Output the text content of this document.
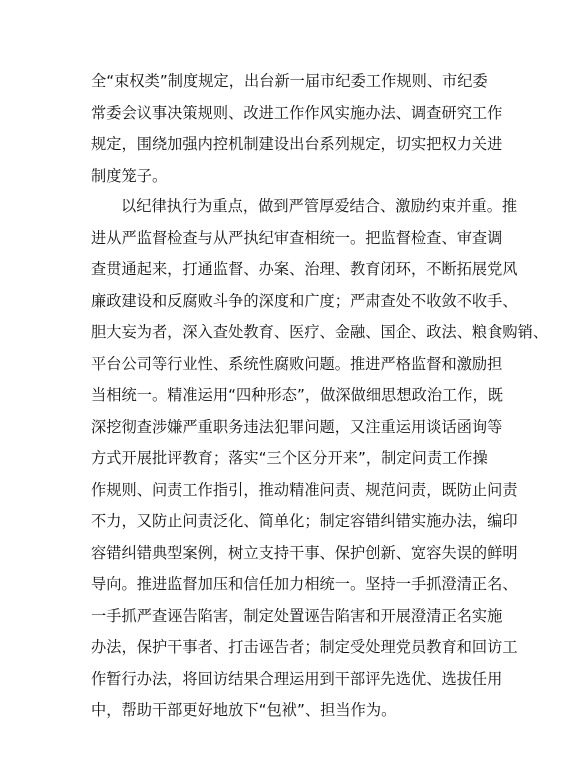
全“束权类”制度规定，出台新一届市纪委工作规则、市纪委
常委会议事决策规则、改进工作作风实施办法、调查研究工作
规定，围绕加强内控机制建设出台系列规定，切实把权力关进
制度笼子。
以纪律执行为重点，做到严管厚爱结合、激励约束并重。推
进从严监督检查与从严执纪审查相统一。把监督检查、审查调
查贯通起来，打通监督、办案、治理、教育闭环，不断拓展党风
廉政建设和反腐败斗争的深度和广度；严肃查处不收敛不收手、
胆大妄为者，深入查处教育、医疗、金融、国企、政法、粮食购销、
平台公司等行业性、系统性腐败问题。推进严格监督和激励担
当相统一。精准运用“四种形态”，做深做细思想政治工作，既
深挖彻查涉嫌严重职务违法犯罪问题，又注重运用谈话函询等
方式开展批评教育；落实“三个区分开来”，制定问责工作操
作规则、问责工作指引，推动精准问责、规范问责，既防止问责
不力，又防止问责泛化、简单化；制定容错纠错实施办法，编印
容错纠错典型案例，树立支持干事、保护创新、宽容失误的鲜明
导向。推进监督加压和信任加力相统一。坚持一手抓澄清正名、
一手抓严查诬告陷害，制定处置诬告陷害和开展澄清正名实施
办法，保护干事者、打击诬告者；制定受处理党员教育和回访工
作暂行办法，将回访结果合理运用到干部评先选优、选拔任用
中，帮助干部更好地放下“包袱”、担当作为。
